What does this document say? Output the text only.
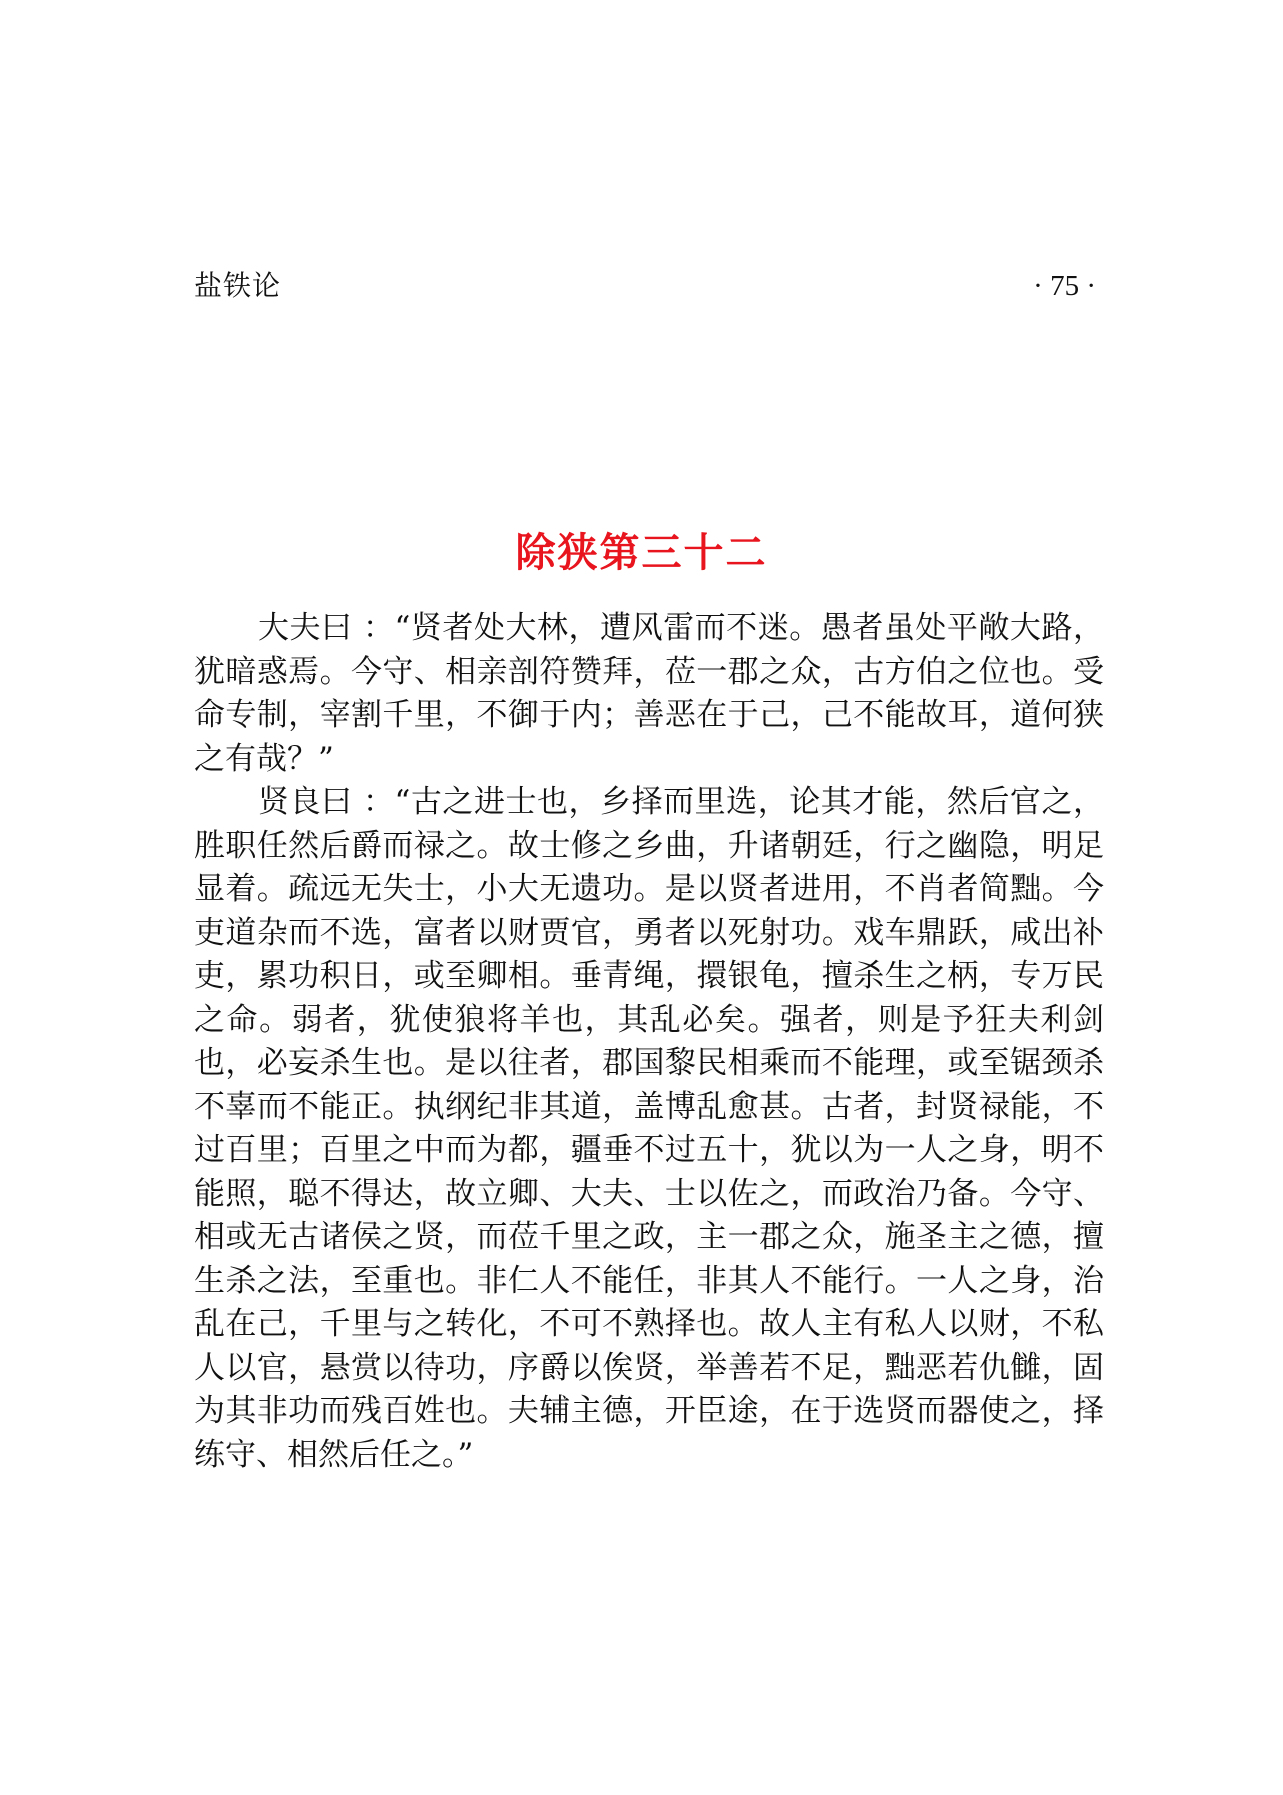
盐铁论	· 75 ·
除狭第三十二

大夫曰 ：“贤者处大林，遭风雷而不迷。愚者虽处平敞大路，犹暗惑焉。今守、相亲剖符赞拜，莅一郡之众，古方伯之位也。受命专制，宰割千里，不御于内；善恶在于己，己不能故耳，道何狭之有哉？”

贤良曰 ：“古之进士也，乡择而里选，论其才能，然后官之，胜职任然后爵而禄之。故士修之乡曲，升诸朝廷，行之幽隐，明足显着。疏远无失士，小大无遗功。是以贤者进用，不肖者简黜。今吏道杂而不选，富者以财贾官，勇者以死射功。戏车鼎跃，咸出补吏，累功积日，或至卿相。垂青绳，擐银龟，擅杀生之柄，专万民之命。弱者，犹使狼将羊也，其乱必矣。强者，则是予狂夫利剑也，必妄杀生也。是以往者，郡国黎民相乘而不能理，或至锯颈杀不辜而不能正。执纲纪非其道，盖博乱愈甚。古者，封贤禄能，不过百里；百里之中而为都，疆垂不过五十，犹以为一人之身，明不能照，聪不得达，故立卿、大夫、士以佐之，而政治乃备。今守、相或无古诸侯之贤，而莅千里之政，主一郡之众，施圣主之德，擅生杀之法，至重也。非仁人不能任，非其人不能行。一人之身，治乱在己，千里与之转化，不可不熟择也。故人主有私人以财，不私人以官，悬赏以待功，序爵以俟贤，举善若不足，黜恶若仇雠，固为其非功而残百姓也。夫辅主德，开臣途，在于选贤而器使之，择练守、相然后任之。”
